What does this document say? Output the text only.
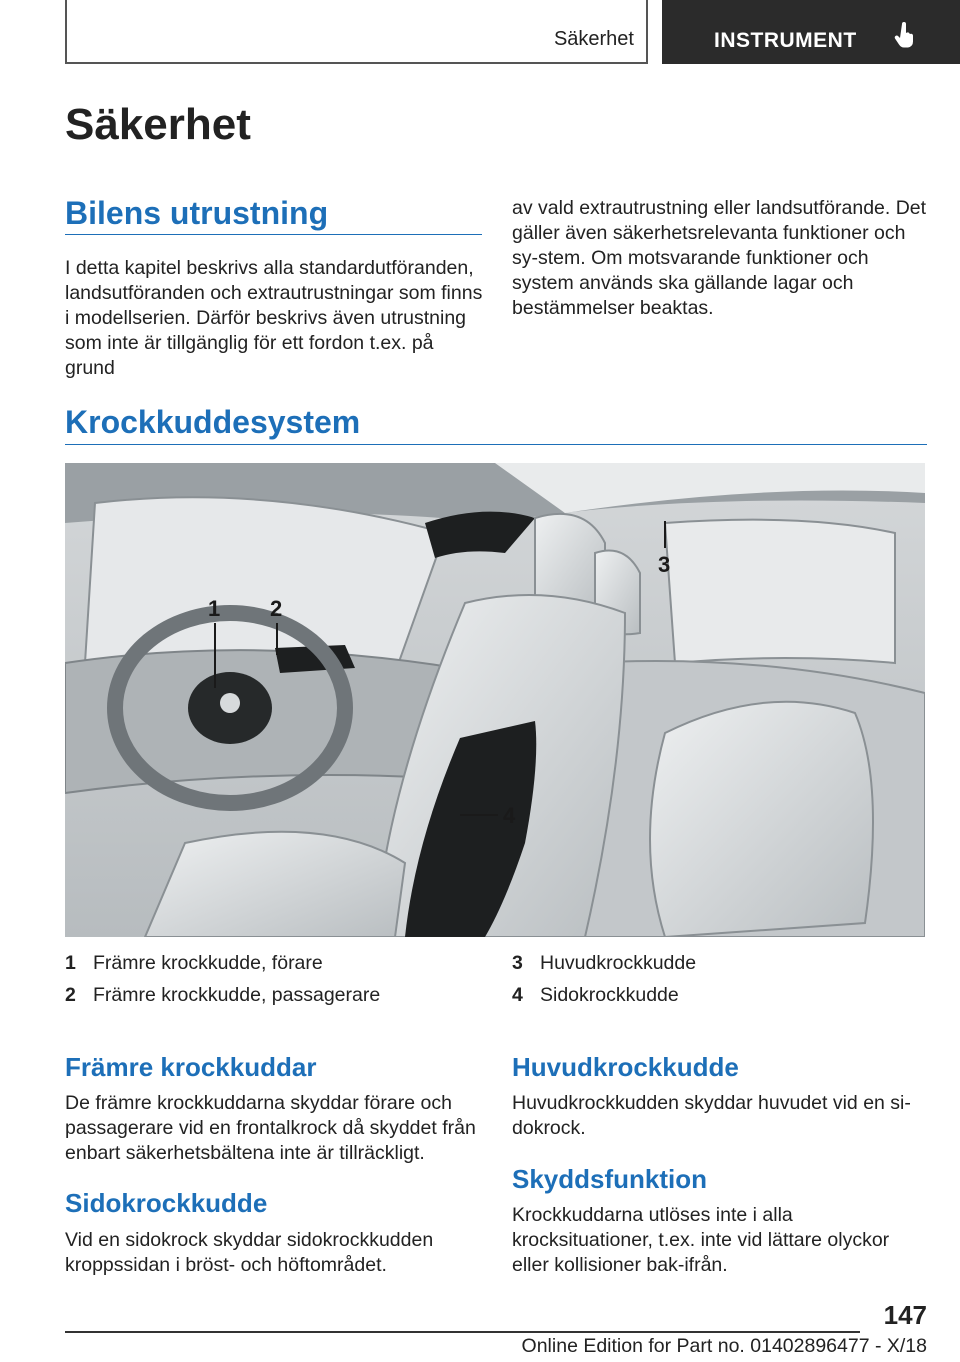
Säkerhet	INSTRUMENT
Säkerhet
Bilens utrustning

I detta kapitel beskrivs alla standardutföranden, landsutföranden och extrautrustningar som finns i modellserien. Därför beskrivs även utrustning som inte är tillgänglig för ett fordon t.ex. på grund

av vald extrautrustning eller landsutförande. Det gäller även säkerhetsrelevanta funktioner och sy-stem. Om motsvarande funktioner och system används ska gällande lagar och bestämmelser beaktas.

Krockkuddesystem
1 2
3
4
1 Främre krockkudde, förare
2 Främre krockkudde, passagerare
3 Huvudkrockkudde
4 Sidokrockkudde
Främre krockkuddar

De främre krockkuddarna skyddar förare och passagerare vid en frontalkrock då skyddet från enbart säkerhetsbältena inte är tillräckligt.

Sidokrockkudde

Vid en sidokrock skyddar sidokrockkudden kroppssidan i bröst- och höftområdet.

Huvudkrockkudde

Huvudkrockkudden skyddar huvudet vid en si-dokrock.

Skyddsfunktion

Krockkuddarna utlöses inte i alla krocksituationer, t.ex. inte vid lättare olyckor eller kollisioner bak-ifrån.

147
Online Edition for Part no. 01402896477 - X/18
